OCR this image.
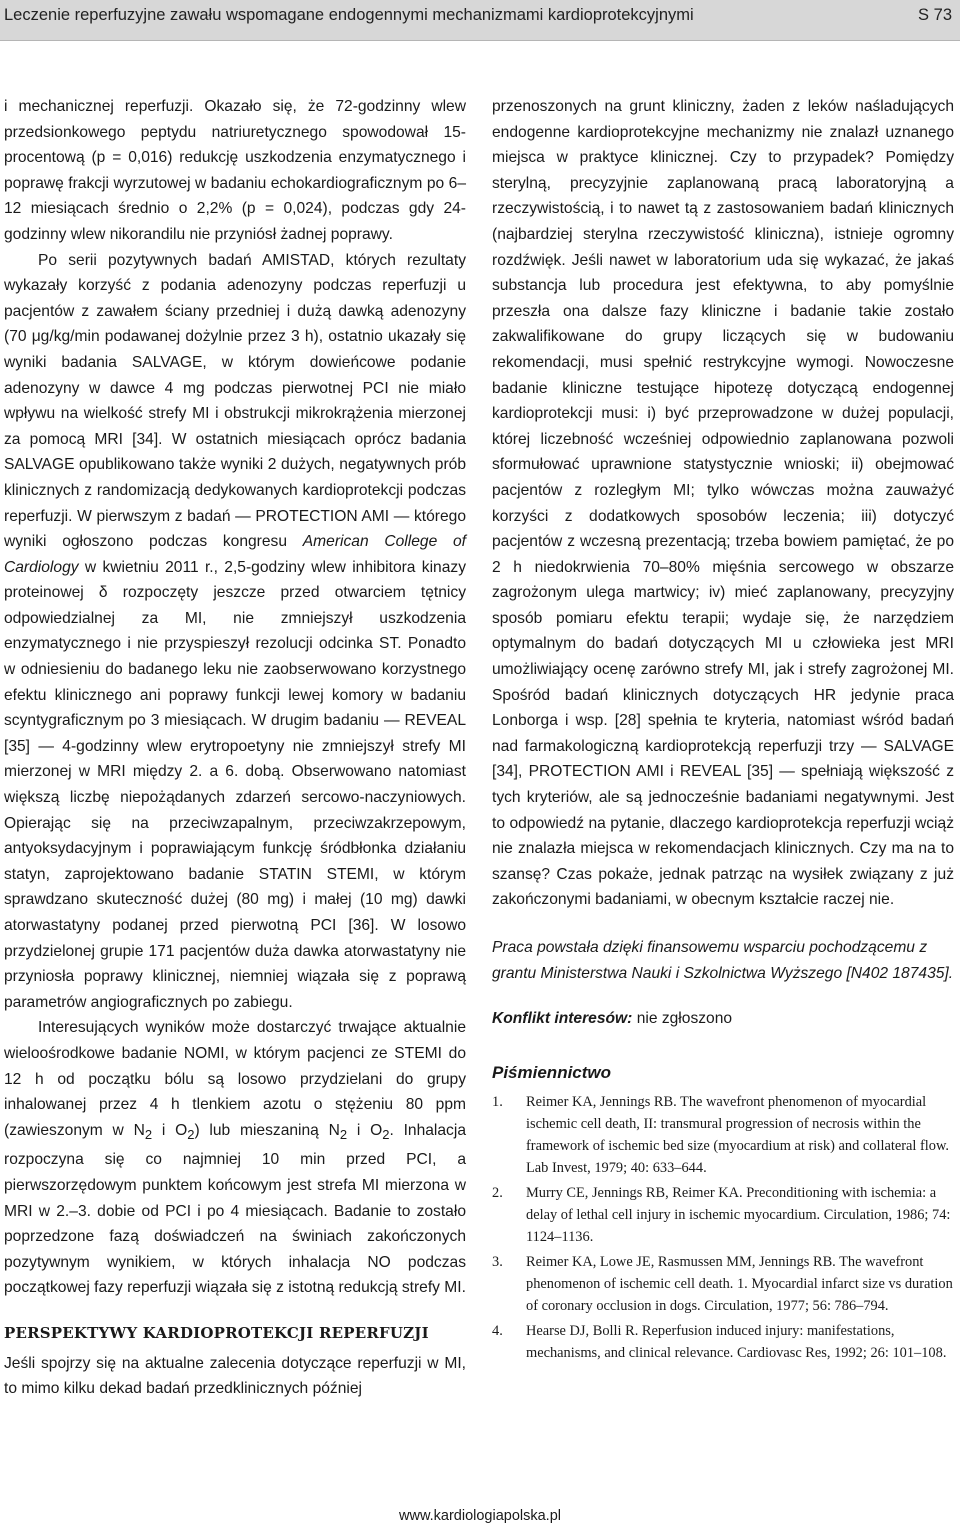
Leczenie reperfuzyjne zawału wspomagane endogennymi mechanizmami kardioprotekcyjnymi	S 73

i mechanicznej reperfuzji. Okazało się, że 72-godzinny wlew przedsionkowego peptydu natriuretycznego spowodował 15-procentową (p = 0,016) redukcję uszkodzenia enzymatycznego i poprawę frakcji wyrzutowej w badaniu echokardiograficznym po 6–12 miesiącach średnio o 2,2% (p = 0,024), podczas gdy 24-godzinny wlew nikorandilu nie przyniósł żadnej poprawy.

Po serii pozytywnych badań AMISTAD, których rezultaty wykazały korzyść z podania adenozyny podczas reperfuzji u pacjentów z zawałem ściany przedniej i dużą dawką adenozyny (70 μg/kg/min podawanej dożylnie przez 3 h), ostatnio ukazały się wyniki badania SALVAGE, w którym dowieńcowe podanie adenozyny w dawce 4 mg podczas pierwotnej PCI nie miało wpływu na wielkość strefy MI i obstrukcji mikrokrążenia mierzonej za pomocą MRI [34]. W ostatnich miesiącach oprócz badania SALVAGE opublikowano także wyniki 2 dużych, negatywnych prób klinicznych z randomizacją dedykowanych kardioprotekcji podczas reperfuzji. W pierwszym z badań — PROTECTION AMI — którego wyniki ogłoszono podczas kongresu American College of Cardiology w kwietniu 2011 r., 2,5-godziny wlew inhibitora kinazy proteinowej δ rozpoczęty jeszcze przed otwarciem tętnicy odpowiedzialnej za MI, nie zmniejszył uszkodzenia enzymatycznego i nie przyspieszył rezolucji odcinka ST. Ponadto w odniesieniu do badanego leku nie zaobserwowano korzystnego efektu klinicznego ani poprawy funkcji lewej komory w badaniu scyntygraficznym po 3 miesiącach. W drugim badaniu — REVEAL [35] — 4-godzinny wlew erytropoetyny nie zmniejszył strefy MI mierzonej w MRI między 2. a 6. dobą. Obserwowano natomiast większą liczbę niepożądanych zdarzeń sercowo-naczyniowych. Opierając się na przeciwzapalnym, przeciwzakrzepowym, antyoksydacyjnym i poprawiającym funkcję śródbłonka działaniu statyn, zaprojektowano badanie STATIN STEMI, w którym sprawdzano skuteczność dużej (80 mg) i małej (10 mg) dawki atorwastatyny podanej przed pierwotną PCI [36]. W losowo przydzielonej grupie 171 pacjentów duża dawka atorwastatyny nie przyniosła poprawy klinicznej, niemniej wiązała się z poprawą parametrów angiograficznych po zabiegu.

Interesujących wyników może dostarczyć trwające aktualnie wieloośrodkowe badanie NOMI, w którym pacjenci ze STEMI do 12 h od początku bólu są losowo przydzielani do grupy inhalowanej przez 4 h tlenkiem azotu o stężeniu 80 ppm (zawieszonym w $N_2$ i $O_2$) lub mieszaniną $N_2$ i $O_2$. Inhalacja rozpoczyna się co najmniej 10 min przed PCI, a pierwszorzędowym punktem końcowym jest strefa MI mierzona w MRI w 2.–3. dobie od PCI i po 4 miesiącach. Badanie to zostało poprzedzone fazą doświadczeń na świniach zakończonych pozytywnym wynikiem, w których inhalacja NO podczas początkowej fazy reperfuzji wiązała się z istotną redukcją strefy MI.

PERSPEKTYWY KARDIOPROTEKCJI REPERFUZJI

Jeśli spojrzy się na aktualne zalecenia dotyczące reperfuzji w MI, to mimo kilku dekad badań przedklinicznych później

przenoszonych na grunt kliniczny, żaden z leków naśladujących endogenne kardioprotekcyjne mechanizmy nie znalazł uznanego miejsca w praktyce klinicznej. Czy to przypadek? Pomiędzy sterylną, precyzyjnie zaplanowaną pracą laboratoryjną a rzeczywistością, i to nawet tą z zastosowaniem badań klinicznych (najbardziej sterylna rzeczywistość kliniczna), istnieje ogromny rozdźwięk. Jeśli nawet w laboratorium uda się wykazać, że jakaś substancja lub procedura jest efektywna, to aby pomyślnie przeszła ona dalsze fazy kliniczne i badanie takie zostało zakwalifikowane do grupy liczących się w budowaniu rekomendacji, musi spełnić restrykcyjne wymogi. Nowoczesne badanie kliniczne testujące hipotezę dotyczącą endogennej kardioprotekcji musi: i) być przeprowadzone w dużej populacji, której liczebność wcześniej odpowiednio zaplanowana pozwoli sformułować uprawnione statystycznie wnioski; ii) obejmować pacjentów z rozległym MI; tylko wówczas można zauważyć korzyści z dodatkowych sposobów leczenia; iii) dotyczyć pacjentów z wczesną prezentacją; trzeba bowiem pamiętać, że po 2 h niedokrwienia 70–80% mięśnia sercowego w obszarze zagrożonym ulega martwicy; iv) mieć zaplanowany, precyzyjny sposób pomiaru efektu terapii; wydaje się, że narzędziem optymalnym do badań dotyczących MI u człowieka jest MRI umożliwiający ocenę zarówno strefy MI, jak i strefy zagrożonej MI. Spośród badań klinicznych dotyczących HR jedynie praca Lonborga i wsp. [28] spełnia te kryteria, natomiast wśród badań nad farmakologiczną kardioprotekcją reperfuzji trzy — SALVAGE [34], PROTECTION AMI i REVEAL [35] — spełniają większość z tych kryteriów, ale są jednocześnie badaniami negatywnymi. Jest to odpowiedź na pytanie, dlaczego kardioprotekcja reperfuzji wciąż nie znalazła miejsca w rekomendacjach klinicznych. Czy ma na to szansę? Czas pokaże, jednak patrząc na wysiłek związany z już zakończonymi badaniami, w obecnym kształcie raczej nie.

Praca powstała dzięki finansowemu wsparciu pochodzącemu z grantu Ministerstwa Nauki i Szkolnictwa Wyższego [N402 187435].

Konflikt interesów: nie zgłoszono

Piśmiennictwo
1.	Reimer KA, Jennings RB. The wavefront phenomenon of myocardial ischemic cell death, II: transmural progression of necrosis within the framework of ischemic bed size (myocardium at risk) and collateral flow. Lab Invest, 1979; 40: 633–644.
2.	Murry CE, Jennings RB, Reimer KA. Preconditioning with ischemia: a delay of lethal cell injury in ischemic myocardium. Circulation, 1986; 74: 1124–1136.
3.	Reimer KA, Lowe JE, Rasmussen MM, Jennings RB. The wavefront phenomenon of ischemic cell death. 1. Myocardial infarct size vs duration of coronary occlusion in dogs. Circulation, 1977; 56: 786–794.
4.	Hearse DJ, Bolli R. Reperfusion induced injury: manifestations, mechanisms, and clinical relevance. Cardiovasc Res, 1992; 26: 101–108.
www.kardiologiapolska.pl
